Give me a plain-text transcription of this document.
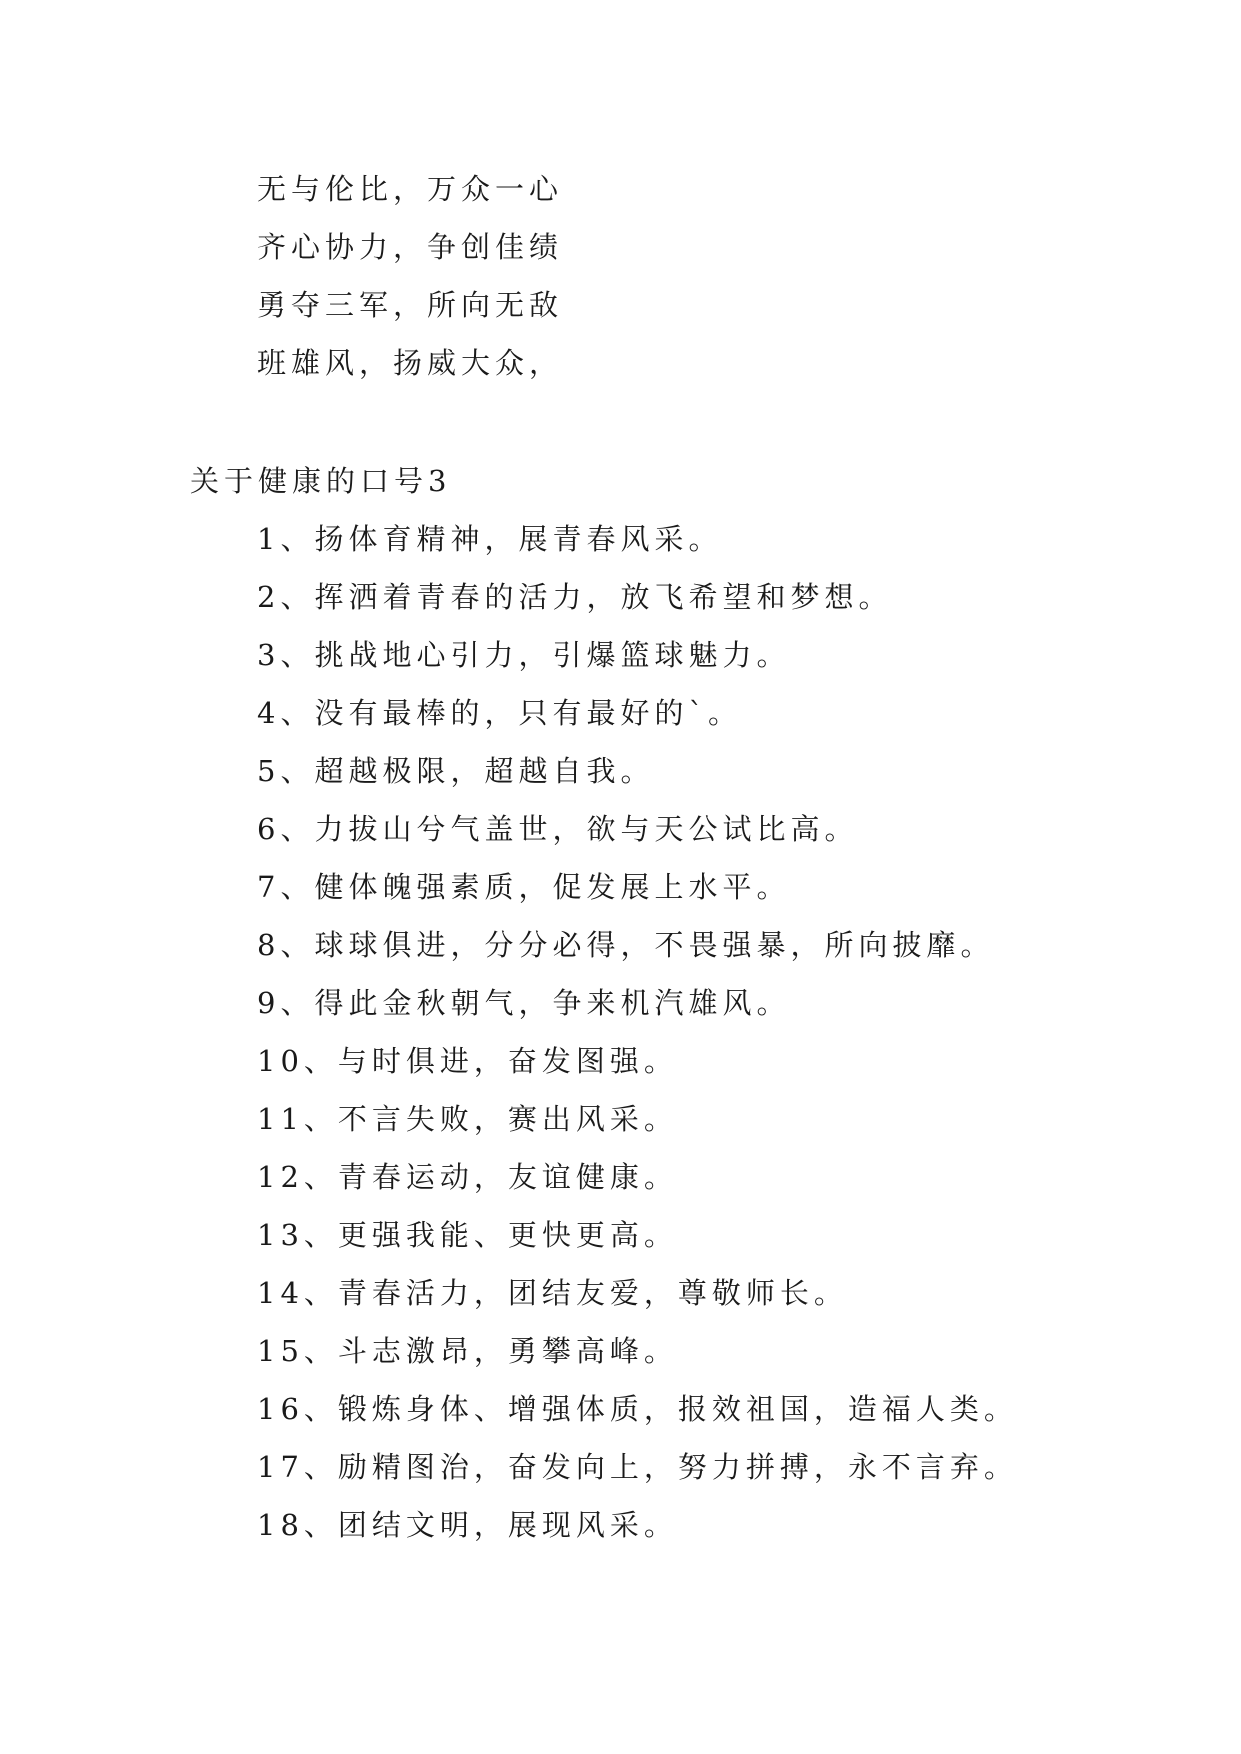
无与伦比，万众一心
齐心协力，争创佳绩
勇夺三军，所向无敌
班雄风，扬威大众，
关于健康的口号3
1、扬体育精神，展青春风采。
2、挥洒着青春的活力，放飞希望和梦想。
3、挑战地心引力，引爆篮球魅力。
4、没有最棒的，只有最好的`。
5、超越极限，超越自我。
6、力拔山兮气盖世，欲与天公试比高。
7、健体魄强素质，促发展上水平。
8、球球俱进，分分必得，不畏强暴，所向披靡。
9、得此金秋朝气，争来机汽雄风。
10、与时俱进，奋发图强。
11、不言失败，赛出风采。
12、青春运动，友谊健康。
13、更强我能、更快更高。
14、青春活力，团结友爱，尊敬师长。
15、斗志激昂，勇攀高峰。
16、锻炼身体、增强体质，报效祖国，造福人类。
17、励精图治，奋发向上，努力拼搏，永不言弃。
18、团结文明，展现风采。
